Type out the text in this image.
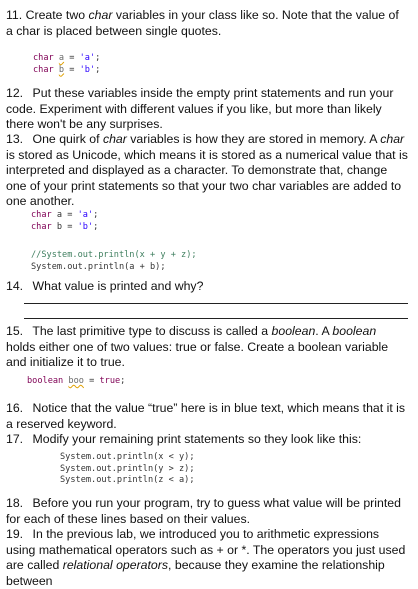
11. Create two char variables in your class like so. Note that the value of a char is placed between single quotes.

char a = 'a';
char b = 'b';

12. Put these variables inside the empty print statements and run your code. Experiment with different values if you like, but more than likely there won't be any surprises.

13. One quirk of char variables is how they are stored in memory. A char is stored as Unicode, which means it is stored as a numerical value that is interpreted and displayed as a character. To demonstrate that, change one of your print statements so that your two char variables are added to one another.

char a = 'a';
char b = 'b';

//System.out.println(x + y + z);
System.out.println(a + b);

14. What value is printed and why?

15. The last primitive type to discuss is called a boolean. A boolean holds either one of two values: true or false. Create a boolean variable and initialize it to true.

boolean boo = true;

16. Notice that the value “true” here is in blue text, which means that it is a reserved keyword.

17. Modify your remaining print statements so they look like this:

System.out.println(x < y);
System.out.println(y > z);
System.out.println(z < a);

18. Before you run your program, try to guess what value will be printed for each of these lines based on their values.

19. In the previous lab, we introduced you to arithmetic expressions using mathematical operators such as + or *. The operators you just used are called relational operators, because they examine the relationship between
